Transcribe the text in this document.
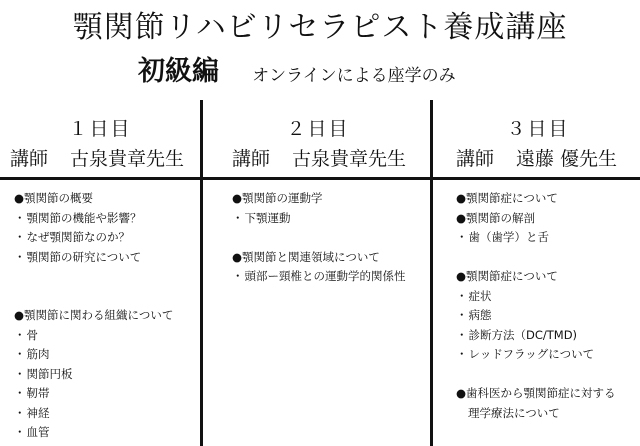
顎関節リハビリセラピスト養成講座
初級編 オンラインによる座学のみ
１日目
講師 古泉貴章先生
２日目
講師 古泉貴章先生
３日目
講師 遠藤 優先生
● 顎関節の概要
・ 顎関節の機能や影響？
・ なぜ顎関節なのか？
・ 顎関節の研究について
● 顎関節に関わる組織について
・ 骨
・ 筋肉
・ 関節円板
・ 靭帯
・ 神経
・ 血管
● 顎関節の運動学
・ 下顎運動
● 顎関節と関連領域について
・ 頭部ー頸椎との運動学的関係性
● 顎関節症について
● 顎関節の解剖
・ 歯（歯学）と舌
● 顎関節症について
・ 症状
・ 病態
・ 診断方法（DC/TMD)
・ レッドフラッグについて
● 歯科医から顎関節症に対する
理学療法について
